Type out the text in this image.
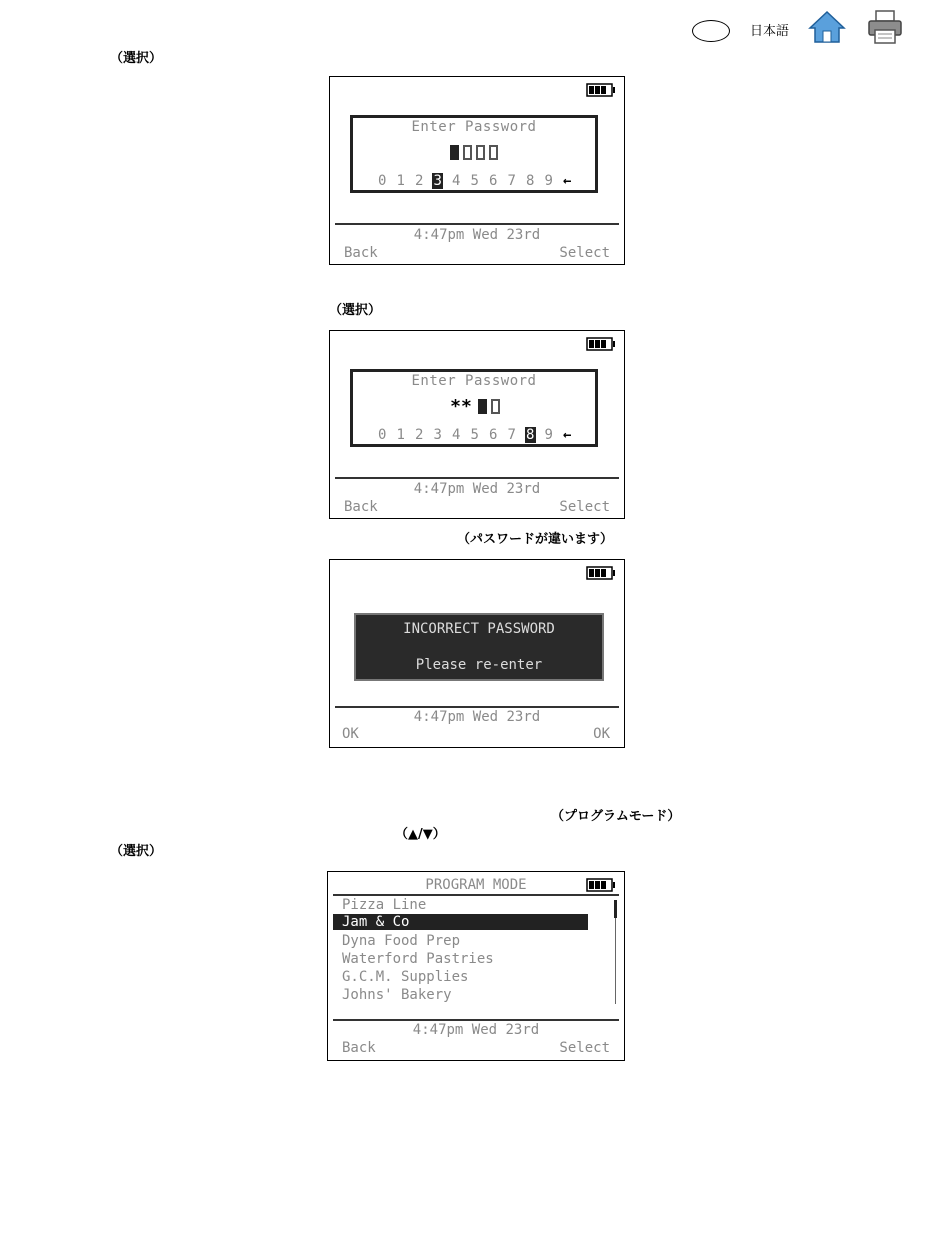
日本語
（選択）
Enter Password
0 1 2 3 4 5 6 7 8 9 ←
4:47pm Wed 23rd
Back	Select
（選択）
Enter Password
**
0 1 2 3 4 5 6 7 8 9 ←
4:47pm Wed 23rd
Back	Select
（パスワードが違います）
INCORRECT PASSWORD
Please re-enter
4:47pm Wed 23rd
OK	OK
（プログラムモード）
（▲/▼）
（選択）
PROGRAM MODE
Pizza Line
Jam & Co
Dyna Food Prep
Waterford Pastries
G.C.M. Supplies
Johns' Bakery
4:47pm Wed 23rd
Back	Select
